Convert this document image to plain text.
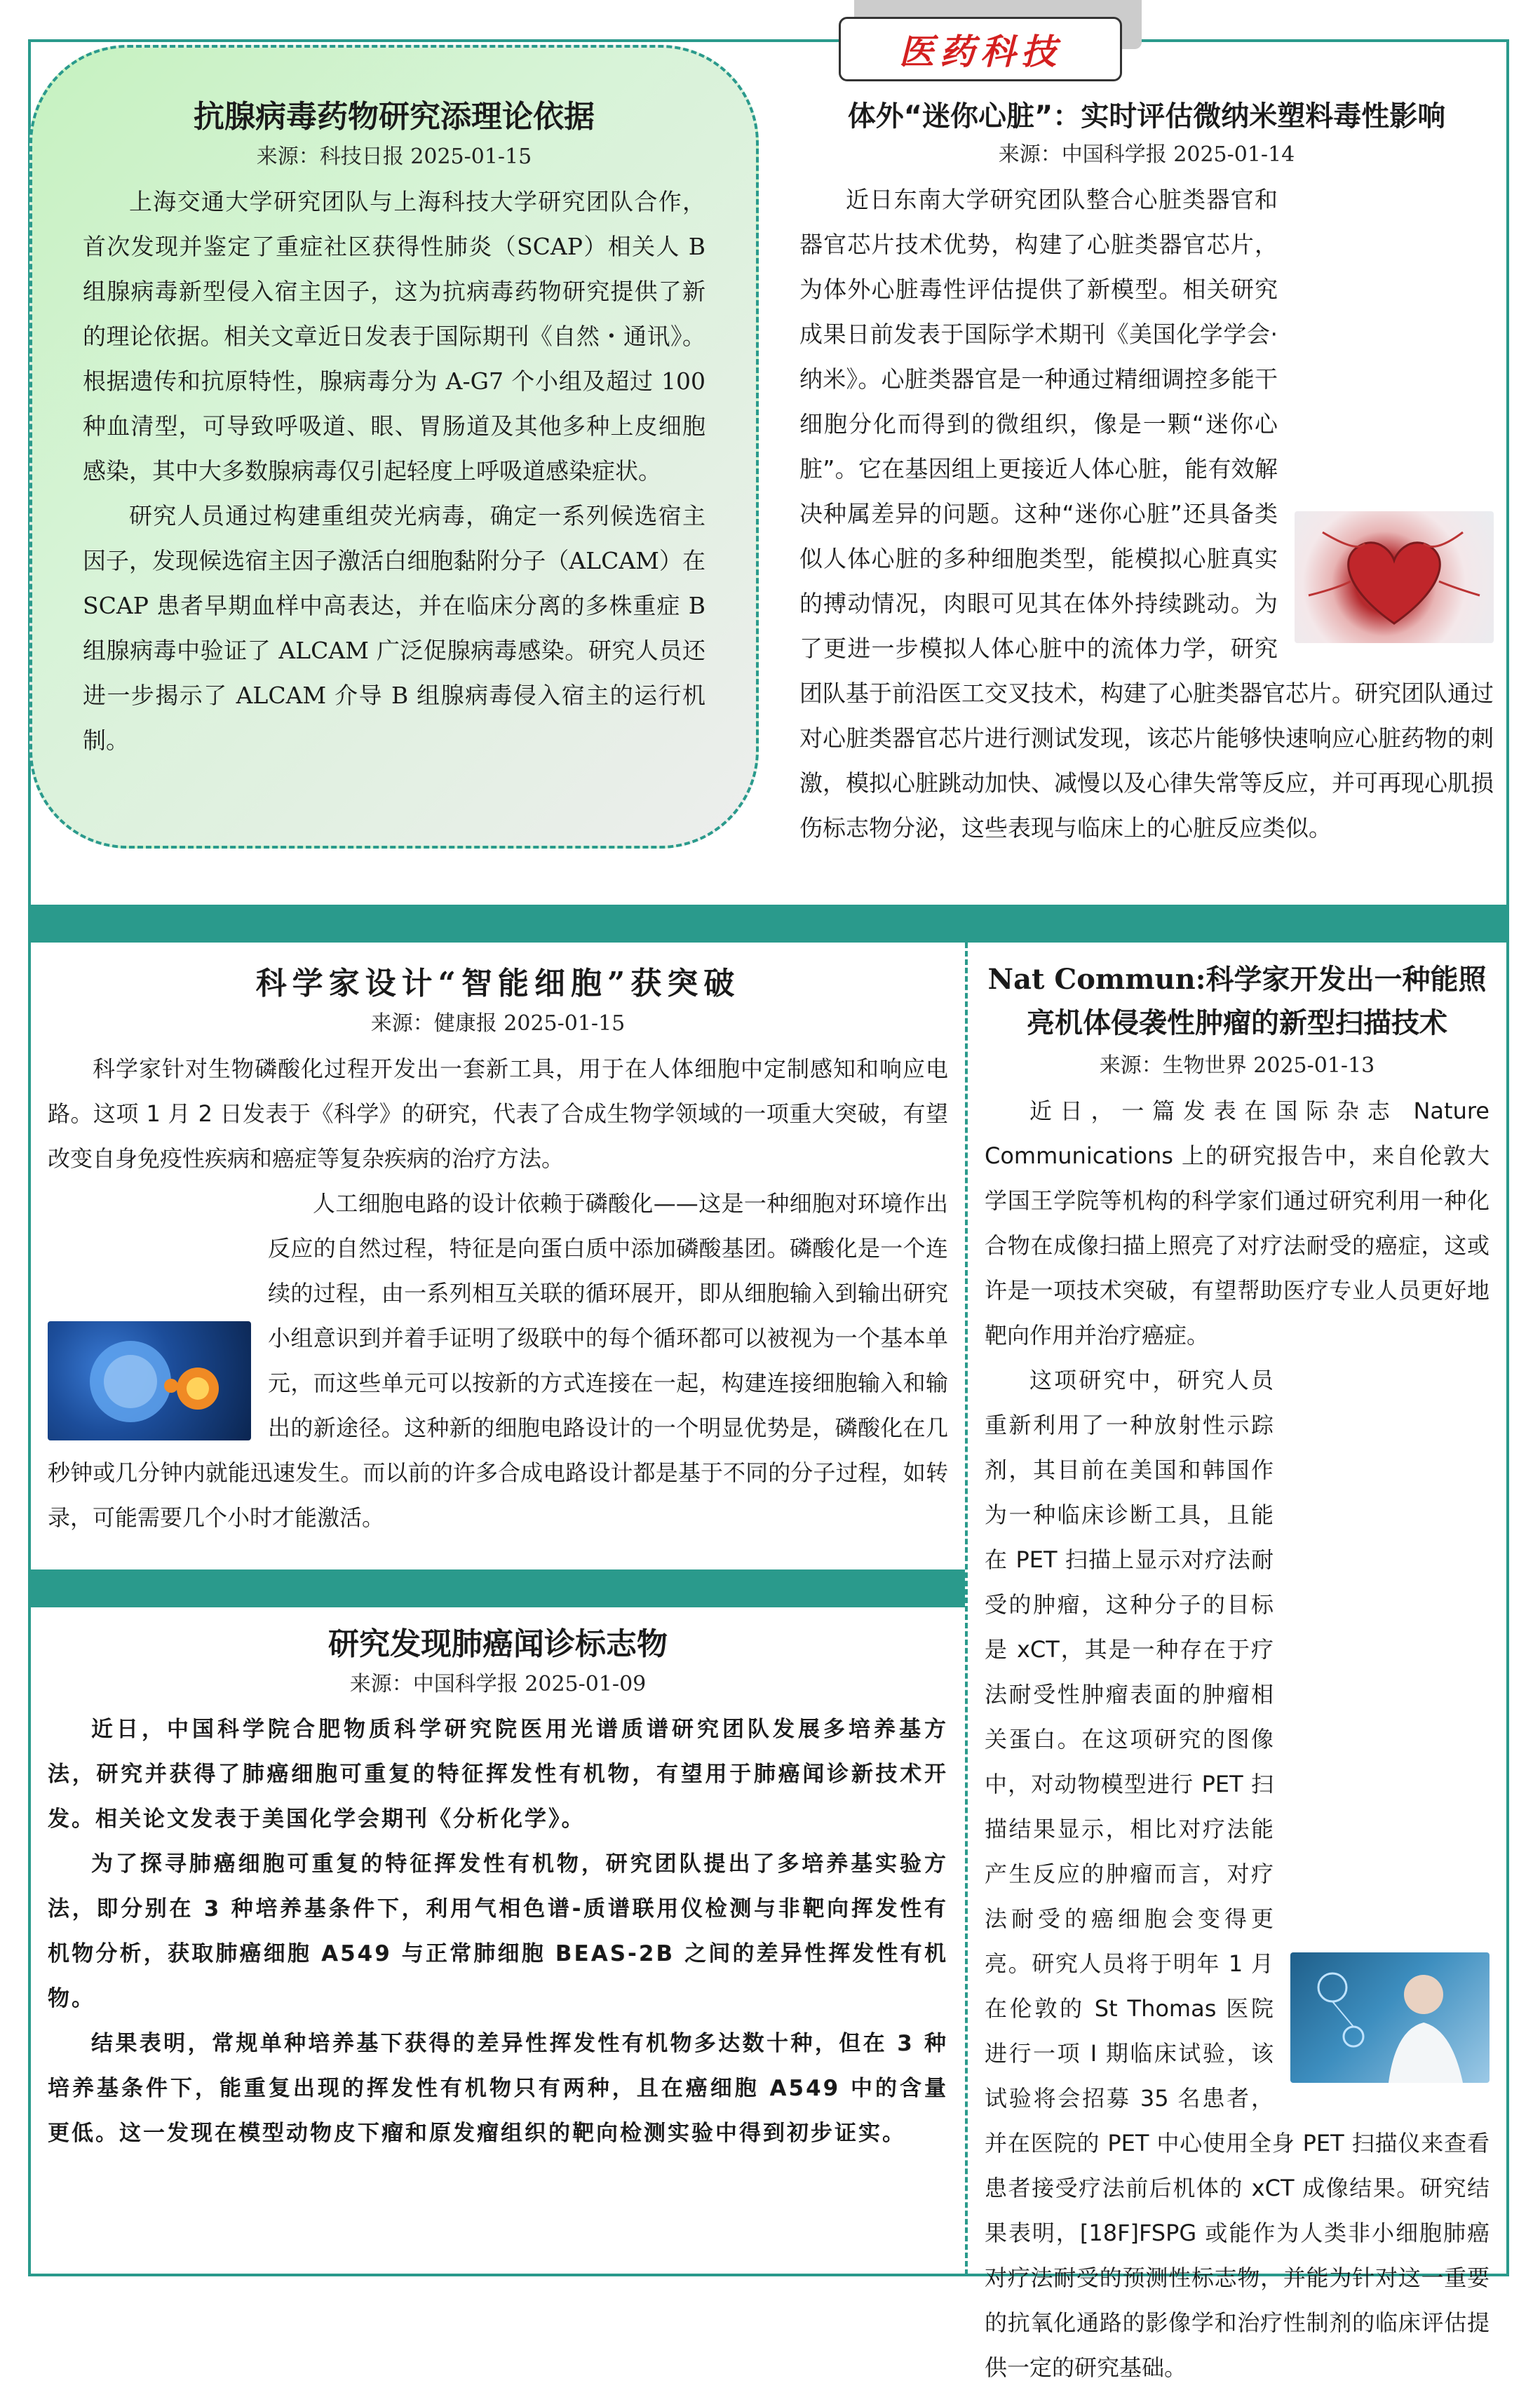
医药科技
抗腺病毒药物研究添理论依据
来源：科技日报 2025-01-15

上海交通大学研究团队与上海科技大学研究团队合作，首次发现并鉴定了重症社区获得性肺炎（SCAP）相关人 B 组腺病毒新型侵入宿主因子，这为抗病毒药物研究提供了新的理论依据。相关文章近日发表于国际期刊《自然・通讯》。根据遗传和抗原特性，腺病毒分为 A-G7 个小组及超过 100 种血清型，可导致呼吸道、眼、胃肠道及其他多种上皮细胞感染，其中大多数腺病毒仅引起轻度上呼吸道感染症状。

研究人员通过构建重组荧光病毒，确定一系列候选宿主因子，发现候选宿主因子激活白细胞黏附分子（ALCAM）在 SCAP 患者早期血样中高表达，并在临床分离的多株重症 B 组腺病毒中验证了 ALCAM 广泛促腺病毒感染。研究人员还进一步揭示了 ALCAM 介导 B 组腺病毒侵入宿主的运行机制。

体外“迷你心脏”：实时评估微纳米塑料毒性影响
来源：中国科学报 2025-01-14

近日东南大学研究团队整合心脏类器官和器官芯片技术优势，构建了心脏类器官芯片，为体外心脏毒性评估提供了新模型。相关研究成果日前发表于国际学术期刊《美国化学学会·纳米》。心脏类器官是一种通过精细调控多能干细胞分化而得到的微组织，像是一颗“迷你心脏”。它在基因组上更接近人体心脏，能有效解决种属差异的问题。这种“迷你心脏”还具备类似人体心脏的多种细胞类型，能模拟心脏真实的搏动情况，肉眼可见其在体外持续跳动。为了更进一步模拟人体心脏中的流体力学，研究团队基于前沿医工交叉技术，构建了心脏类器官芯片。研究团队通过对心脏类器官芯片进行测试发现，该芯片能够快速响应心脏药物的刺激，模拟心脏跳动加快、减慢以及心律失常等反应，并可再现心肌损伤标志物分泌，这些表现与临床上的心脏反应类似。

科学家设计“智能细胞”获突破
来源：健康报 2025-01-15

科学家针对生物磷酸化过程开发出一套新工具，用于在人体细胞中定制感知和响应电路。这项 1 月 2 日发表于《科学》的研究，代表了合成生物学领域的一项重大突破，有望改变自身免疫性疾病和癌症等复杂疾病的治疗方法。

人工细胞电路的设计依赖于磷酸化——这是一种细胞对环境作出反应的自然过程，特征是向蛋白质中添加磷酸基团。磷酸化是一个连续的过程，由一系列相互关联的循环展开，即从细胞输入到输出研究小组意识到并着手证明了级联中的每个循环都可以被视为一个基本单元，而这些单元可以按新的方式连接在一起，构建连接细胞输入和输出的新途径。这种新的细胞电路设计的一个明显优势是，磷酸化在几秒钟或几分钟内就能迅速发生。而以前的许多合成电路设计都是基于不同的分子过程，如转录，可能需要几个小时才能激活。

研究发现肺癌闻诊标志物
来源：中国科学报 2025-01-09

近日，中国科学院合肥物质科学研究院医用光谱质谱研究团队发展多培养基方法，研究并获得了肺癌细胞可重复的特征挥发性有机物，有望用于肺癌闻诊新技术开发。相关论文发表于美国化学会期刊《分析化学》。

为了探寻肺癌细胞可重复的特征挥发性有机物，研究团队提出了多培养基实验方法，即分别在 3 种培养基条件下，利用气相色谱-质谱联用仪检测与非靶向挥发性有机物分析，获取肺癌细胞 A549 与正常肺细胞 BEAS-2B 之间的差异性挥发性有机物。

结果表明，常规单种培养基下获得的差异性挥发性有机物多达数十种，但在 3 种培养基条件下，能重复出现的挥发性有机物只有两种，且在癌细胞 A549 中的含量更低。这一发现在模型动物皮下瘤和原发瘤组织的靶向检测实验中得到初步证实。

Nat Commun:科学家开发出一种能照亮机体侵袭性肿瘤的新型扫描技术
来源：生物世界 2025-01-13

近日，一篇发表在国际杂志 Nature Communications 上的研究报告中，来自伦敦大学国王学院等机构的科学家们通过研究利用一种化合物在成像扫描上照亮了对疗法耐受的癌症，这或许是一项技术突破，有望帮助医疗专业人员更好地靶向作用并治疗癌症。

这项研究中，研究人员重新利用了一种放射性示踪剂，其目前在美国和韩国作为一种临床诊断工具，且能在 PET 扫描上显示对疗法耐受的肿瘤，这种分子的目标是 xCT，其是一种存在于疗法耐受性肿瘤表面的肿瘤相关蛋白。在这项研究的图像中，对动物模型进行 PET 扫描结果显示，相比对疗法能产生反应的肿瘤而言，对疗法耐受的癌细胞会变得更亮。研究人员将于明年 1 月在伦敦的 St Thomas 医院进行一项 I 期临床试验，该试验将会招募 35 名患者，并在医院的 PET 中心使用全身 PET 扫描仪来查看患者接受疗法前后机体的 xCT 成像结果。研究结果表明，[18F]FSPG 或能作为人类非小细胞肺癌对疗法耐受的预测性标志物，并能为针对这一重要的抗氧化通路的影像学和治疗性制剂的临床评估提供一定的研究基础。
